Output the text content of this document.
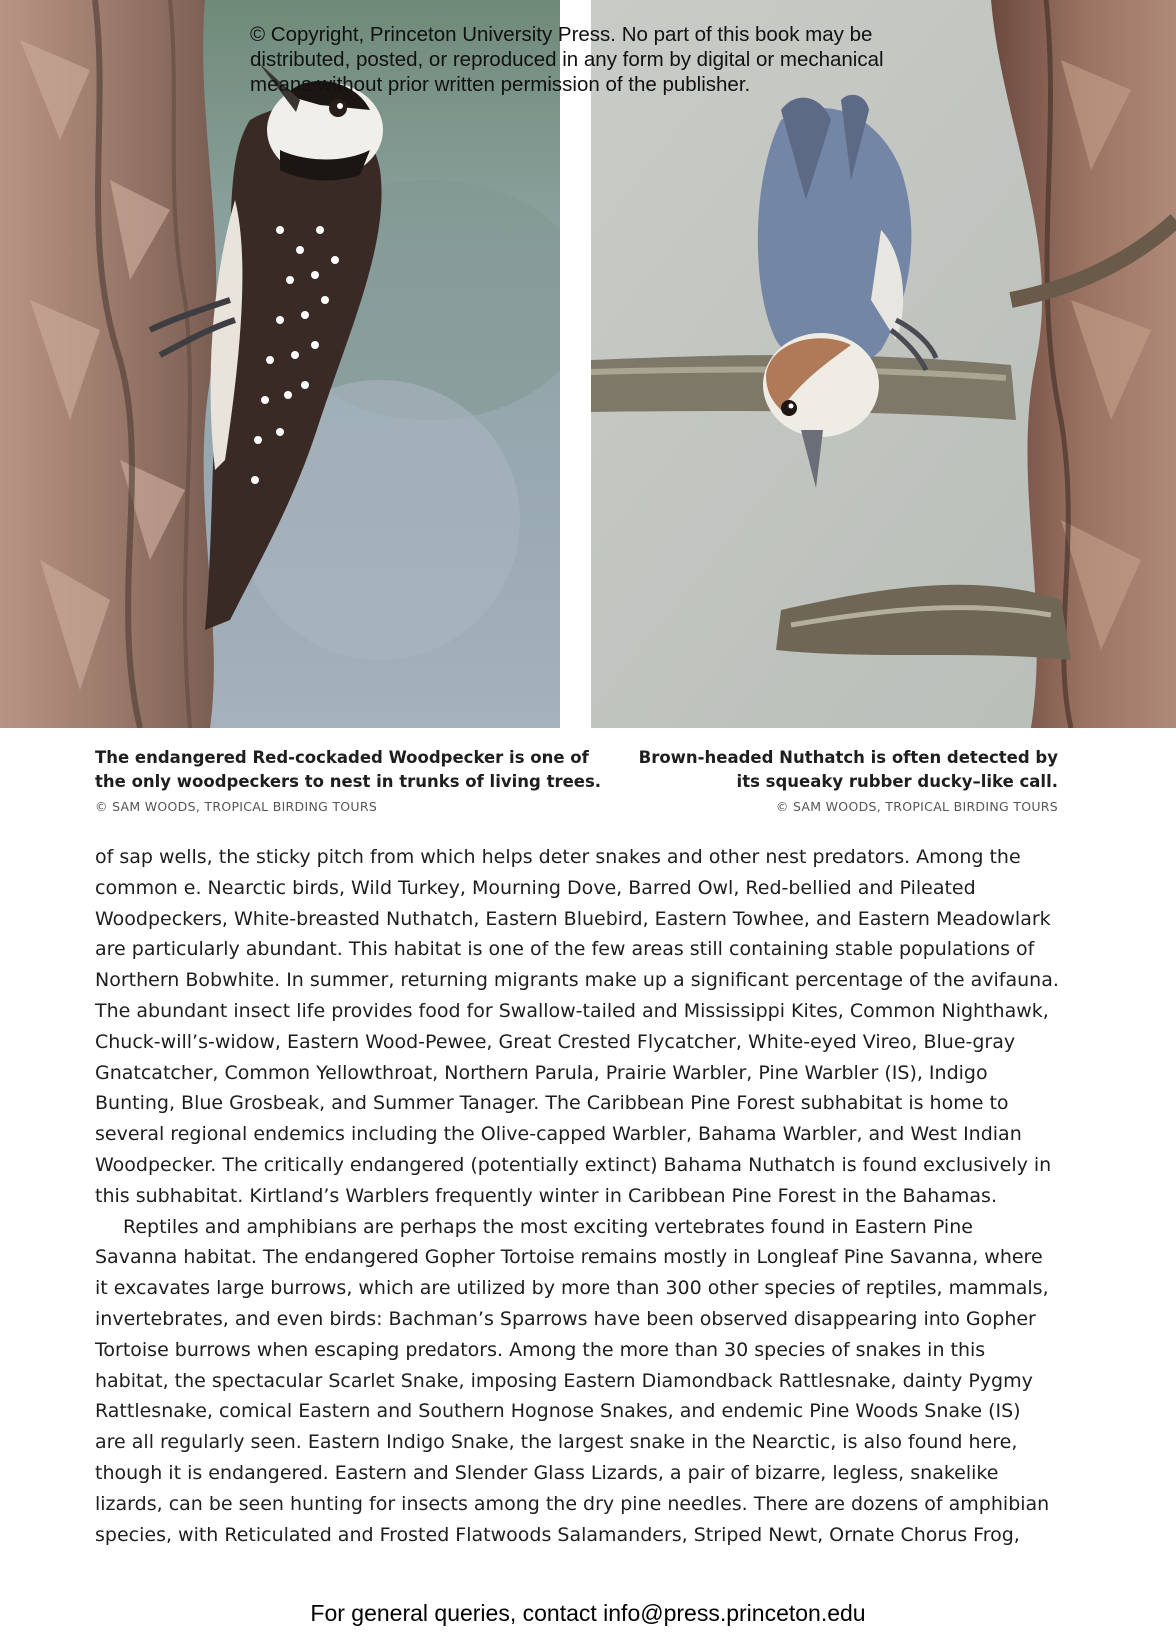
© Copyright, Princeton University Press. No part of this book may be
distributed, posted, or reproduced in any form by digital or mechanical
means without prior written permission of the publisher.
The endangered Red-cockaded Woodpecker is one of
the only woodpeckers to nest in trunks of living trees.
© SAM WOODS, TROPICAL BIRDING TOURS
Brown-headed Nuthatch is often detected by
its squeaky rubber ducky–like call.
© SAM WOODS, TROPICAL BIRDING TOURS
of sap wells, the sticky pitch from which helps deter snakes and other nest predators. Among the
common e. Nearctic birds, Wild Turkey, Mourning Dove, Barred Owl, Red-bellied and Pileated
Woodpeckers, White-breasted Nuthatch, Eastern Bluebird, Eastern Towhee, and Eastern Meadowlark
are particularly abundant. This habitat is one of the few areas still containing stable populations of
Northern Bobwhite. In summer, returning migrants make up a significant percentage of the avifauna.
The abundant insect life provides food for Swallow-tailed and Mississippi Kites, Common Nighthawk,
Chuck-will’s-widow, Eastern Wood-Pewee, Great Crested Flycatcher, White-eyed Vireo, Blue-gray
Gnatcatcher, Common Yellowthroat, Northern Parula, Prairie Warbler, Pine Warbler (IS), Indigo
Bunting, Blue Grosbeak, and Summer Tanager. The Caribbean Pine Forest subhabitat is home to
several regional endemics including the Olive-capped Warbler, Bahama Warbler, and West Indian
Woodpecker. The critically endangered (potentially extinct) Bahama Nuthatch is found exclusively in
this subhabitat. Kirtland’s Warblers frequently winter in Caribbean Pine Forest in the Bahamas.
Reptiles and amphibians are perhaps the most exciting vertebrates found in Eastern Pine
Savanna habitat. The endangered Gopher Tortoise remains mostly in Longleaf Pine Savanna, where
it excavates large burrows, which are utilized by more than 300 other species of reptiles, mammals,
invertebrates, and even birds: Bachman’s Sparrows have been observed disappearing into Gopher
Tortoise burrows when escaping predators. Among the more than 30 species of snakes in this
habitat, the spectacular Scarlet Snake, imposing Eastern Diamondback Rattlesnake, dainty Pygmy
Rattlesnake, comical Eastern and Southern Hognose Snakes, and endemic Pine Woods Snake (IS)
are all regularly seen. Eastern Indigo Snake, the largest snake in the Nearctic, is also found here,
though it is endangered. Eastern and Slender Glass Lizards, a pair of bizarre, legless, snakelike
lizards, can be seen hunting for insects among the dry pine needles. There are dozens of amphibian
species, with Reticulated and Frosted Flatwoods Salamanders, Striped Newt, Ornate Chorus Frog,
For general queries, contact info@press.princeton.edu
